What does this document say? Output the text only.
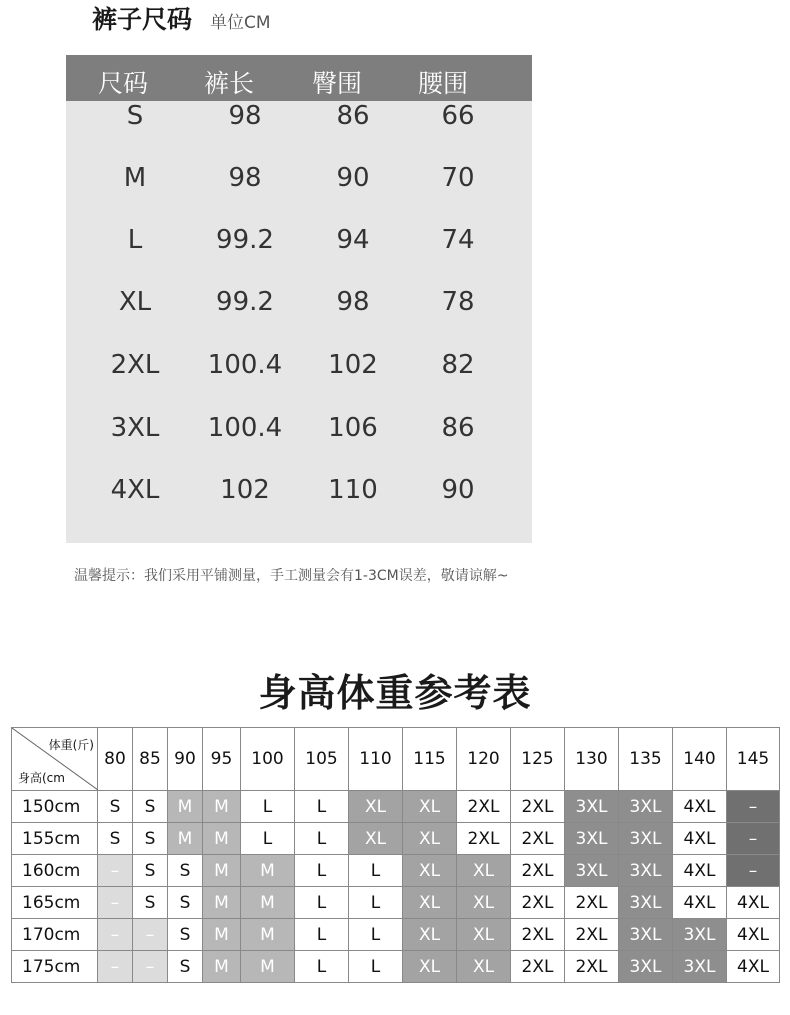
裤子尺码 单位CM
尺码 裤长 臀围 腰围
S	98	86	66
M	98	90	70
L	99.2	94	74
XL	99.2	98	78
2XL	100.4	102	82
3XL	100.4	106	86
4XL	102	110	90
温馨提示：我们采用平铺测量，手工测量会有1-3CM误差，敬请谅解~
身高体重参考表
体重(斤)
身高(cm	80	85	90	95	100	105	110	115	120	125	130	135	140	145
150cm	S	S	M	M	L	L	XL	XL	2XL	2XL	3XL	3XL	4XL	–
155cm	S	S	M	M	L	L	XL	XL	2XL	2XL	3XL	3XL	4XL	–
160cm	–	S	S	M	M	L	L	XL	XL	2XL	3XL	3XL	4XL	–
165cm	–	S	S	M	M	L	L	XL	XL	2XL	2XL	3XL	4XL	4XL
170cm	–	–	S	M	M	L	L	XL	XL	2XL	2XL	3XL	3XL	4XL
175cm	–	–	S	M	M	L	L	XL	XL	2XL	2XL	3XL	3XL	4XL
